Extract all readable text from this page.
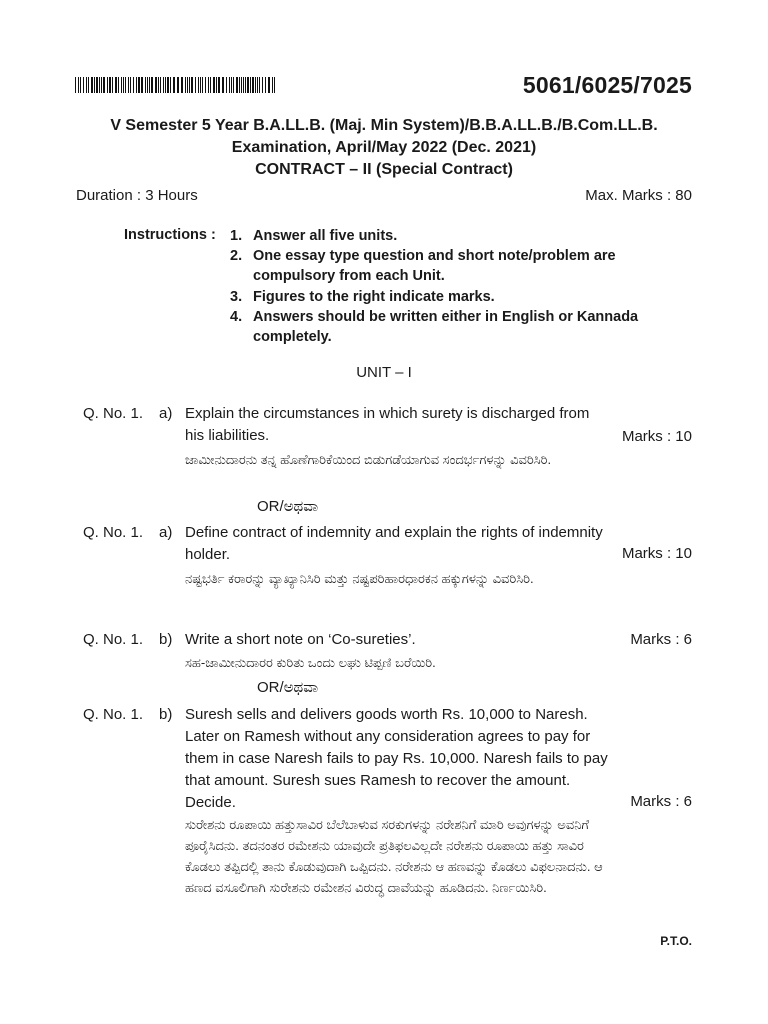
5061/6025/7025
V Semester 5 Year B.A.LL.B. (Maj. Min System)/B.B.A.LL.B./B.Com.LL.B.
Examination, April/May 2022 (Dec. 2021)
CONTRACT – II (Special Contract)
Duration : 3 Hours	Max. Marks : 80
Instructions : 1. Answer all five units.
2. One essay type question and short note/problem are compulsory from each Unit.
3. Figures to the right indicate marks.
4. Answers should be written either in English or Kannada completely.
UNIT – I
Q. No. 1. a) Explain the circumstances in which surety is discharged from his liabilities.	Marks : 10
ಜಾಮೀನುದಾರನು ತನ್ನ ಹೊಣೆಗಾರಿಕೆಯಿಂದ ಬಿಡುಗಡೆಯಾಗುವ ಸಂದರ್ಭಗಳನ್ನು ವಿವರಿಸಿರಿ.
OR/ಅಥವಾ
Q. No. 1. a) Define contract of indemnity and explain the rights of indemnity holder.	Marks : 10
ನಷ್ಟಭರ್ತಿ ಕರಾರನ್ನು ವ್ಯಾಖ್ಯಾನಿಸಿರಿ ಮತ್ತು ನಷ್ಟಪರಿಹಾರಧಾರಕನ ಹಕ್ಕುಗಳನ್ನು ವಿವರಿಸಿರಿ.
Q. No. 1. b) Write a short note on ‘Co-sureties’.	Marks : 6
ಸಹ-ಜಾಮೀನುದಾರರ ಕುರಿತು ಒಂದು ಲಘು ಟಿಪ್ಪಣಿ ಬರೆಯಿರಿ.
OR/ಅಥವಾ
Q. No. 1. b) Suresh sells and delivers goods worth Rs. 10,000 to Naresh. Later on Ramesh without any consideration agrees to pay for them in case Naresh fails to pay Rs. 10,000. Naresh fails to pay that amount. Suresh sues Ramesh to recover the amount. Decide.	Marks : 6
ಸುರೇಶನು ರೂಪಾಯಿ ಹತ್ತುಸಾವಿರ ಬೆಲೆಬಾಳುವ ಸರಕುಗಳನ್ನು ನರೇಶನಿಗೆ ಮಾರಿ ಅವುಗಳನ್ನು ಅವನಿಗೆ ಪೂರೈಸಿದನು. ತದನಂತರ ರಮೇಶನು ಯಾವುದೇ ಪ್ರತಿಫಲವಿಲ್ಲದೇ ನರೇಶನು ರೂಪಾಯಿ ಹತ್ತು ಸಾವಿರ ಕೊಡಲು ತಪ್ಪಿದಲ್ಲಿ ತಾನು ಕೊಡುವುದಾಗಿ ಒಪ್ಪಿದನು. ನರೇಶನು ಆ ಹಣವನ್ನು ಕೊಡಲು ವಿಫಲನಾದನು. ಆ ಹಣದ ವಸೂಲಿಗಾಗಿ ಸುರೇಶನು ರಮೇಶನ ವಿರುದ್ಧ ದಾವೆಯನ್ನು ಹೂಡಿದನು. ನಿರ್ಣಯಿಸಿರಿ.
P.T.O.
